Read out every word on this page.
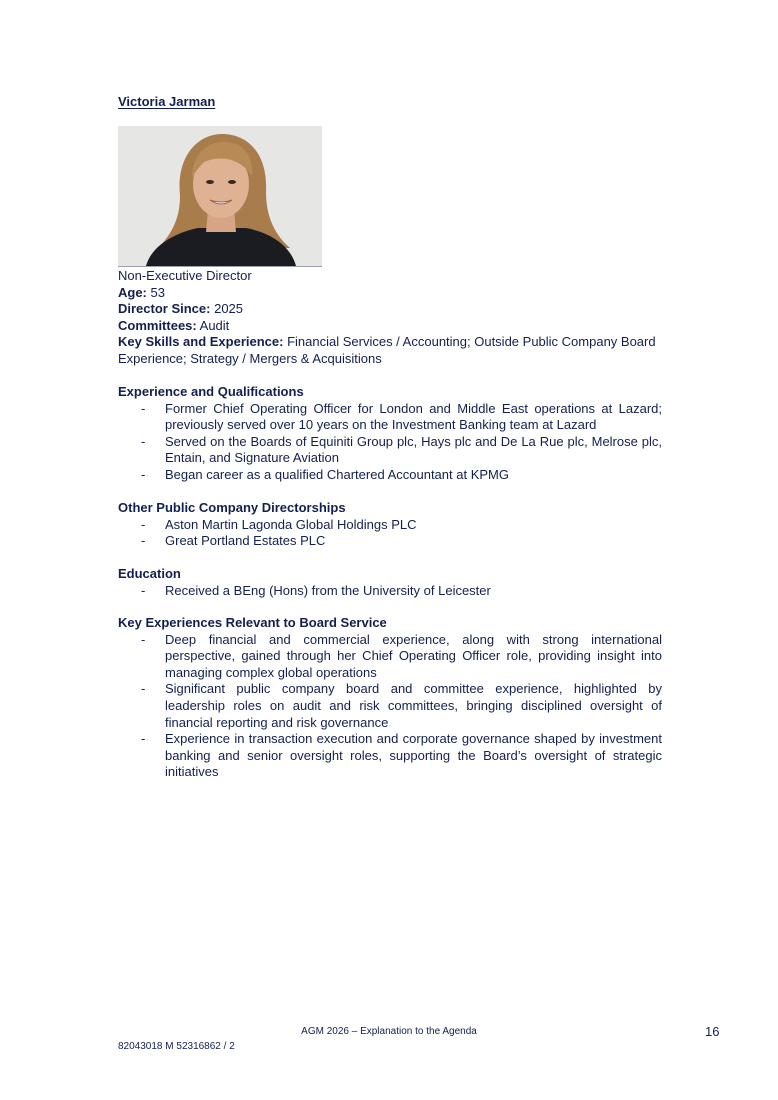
Victoria Jarman
Non-Executive Director
Age: 53
Director Since: 2025
Committees: Audit
Key Skills and Experience: Financial Services / Accounting; Outside Public Company Board Experience; Strategy / Mergers & Acquisitions
Experience and Qualifications
- Former Chief Operating Officer for London and Middle East operations at Lazard; previously served over 10 years on the Investment Banking team at Lazard
- Served on the Boards of Equiniti Group plc, Hays plc and De La Rue plc, Melrose plc, Entain, and Signature Aviation
- Began career as a qualified Chartered Accountant at KPMG
Other Public Company Directorships
- Aston Martin Lagonda Global Holdings PLC
- Great Portland Estates PLC
Education
- Received a BEng (Hons) from the University of Leicester
Key Experiences Relevant to Board Service
- Deep financial and commercial experience, along with strong international perspective, gained through her Chief Operating Officer role, providing insight into managing complex global operations
- Significant public company board and committee experience, highlighted by leadership roles on audit and risk committees, bringing disciplined oversight of financial reporting and risk governance
- Experience in transaction execution and corporate governance shaped by investment banking and senior oversight roles, supporting the Board’s oversight of strategic initiatives
AGM 2026 – Explanation to the Agenda	16
82043018 M 52316862 / 2
